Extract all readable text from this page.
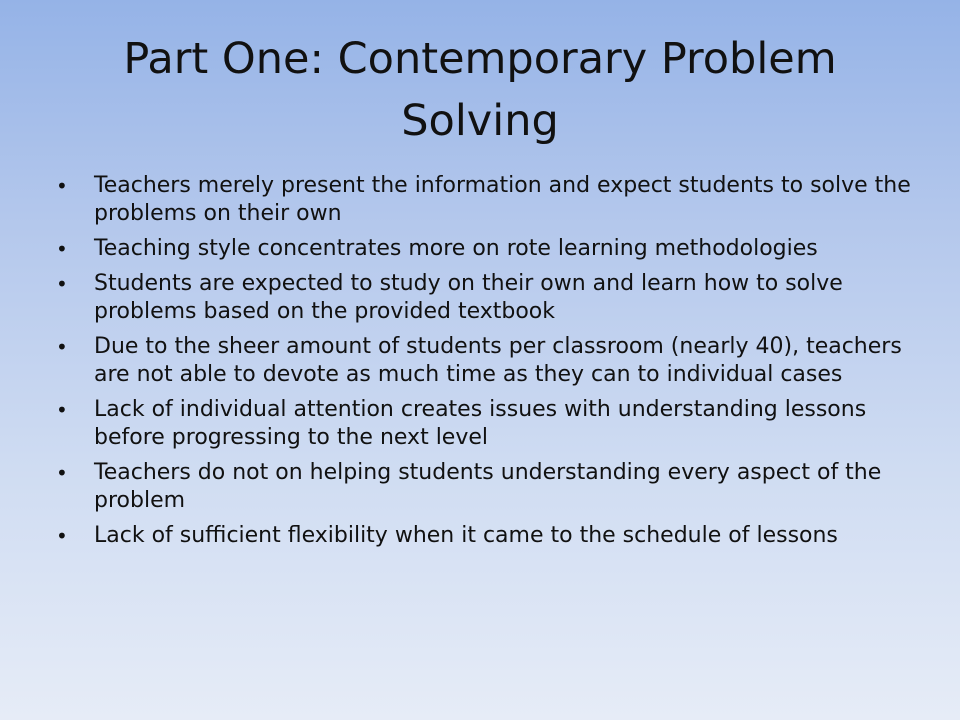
Part One: Contemporary Problem Solving
• Teachers merely present the information and expect students to solve the problems on their own
• Teaching style concentrates more on rote learning methodologies
• Students are expected to study on their own and learn how to solve problems based on the provided textbook
• Due to the sheer amount of students per classroom (nearly 40), teachers are not able to devote as much time as they can to individual cases
• Lack of individual attention creates issues with understanding lessons before progressing to the next level
• Teachers do not on helping students understanding every aspect of the problem
• Lack of sufficient flexibility when it came to the schedule of lessons
